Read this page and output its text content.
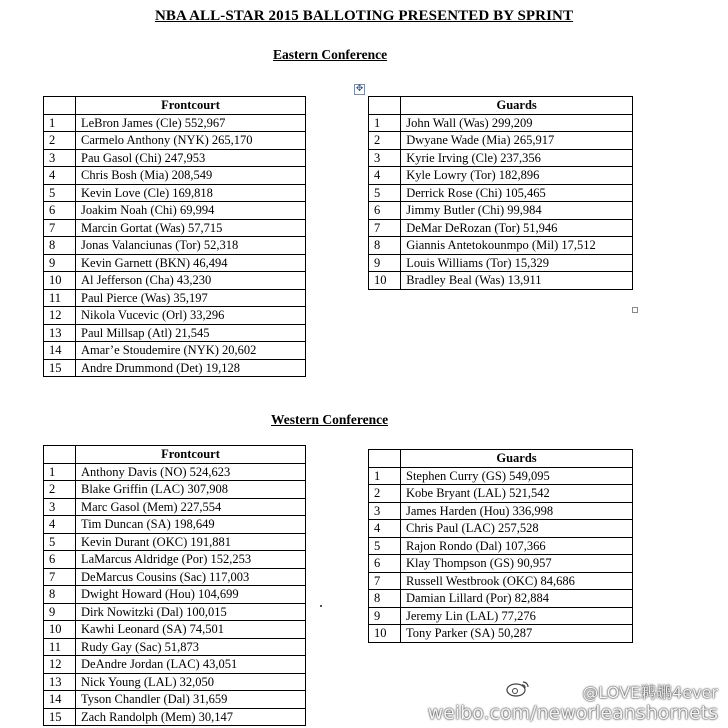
NBA ALL-STAR 2015 BALLOTING PRESENTED BY SPRINT
Eastern Conference
✥
	Frontcourt
1	LeBron James (Cle) 552,967
2	Carmelo Anthony (NYK) 265,170
3	Pau Gasol (Chi) 247,953
4	Chris Bosh (Mia) 208,549
5	Kevin Love (Cle) 169,818
6	Joakim Noah (Chi) 69,994
7	Marcin Gortat (Was) 57,715
8	Jonas Valanciunas (Tor) 52,318
9	Kevin Garnett (BKN) 46,494
10	Al Jefferson (Cha) 43,230
11	Paul Pierce (Was) 35,197
12	Nikola Vucevic (Orl) 33,296
13	Paul Millsap (Atl) 21,545
14	Amar’e Stoudemire (NYK) 20,602
15	Andre Drummond (Det) 19,128
	Guards
1	John Wall (Was) 299,209
2	Dwyane Wade (Mia) 265,917
3	Kyrie Irving (Cle) 237,356
4	Kyle Lowry (Tor) 182,896
5	Derrick Rose (Chi) 105,465
6	Jimmy Butler (Chi) 99,984
7	DeMar DeRozan (Tor) 51,946
8	Giannis Antetokounmpo (Mil) 17,512
9	Louis Williams (Tor) 15,329
10	Bradley Beal (Was) 13,911
Western Conference
	Frontcourt
1	Anthony Davis (NO) 524,623
2	Blake Griffin (LAC) 307,908
3	Marc Gasol (Mem) 227,554
4	Tim Duncan (SA) 198,649
5	Kevin Durant (OKC) 191,881
6	LaMarcus Aldridge (Por) 152,253
7	DeMarcus Cousins (Sac) 117,003
8	Dwight Howard (Hou) 104,699
9	Dirk Nowitzki (Dal) 100,015
10	Kawhi Leonard (SA) 74,501
11	Rudy Gay (Sac) 51,873
12	DeAndre Jordan (LAC) 43,051
13	Nick Young (LAL) 32,050
14	Tyson Chandler (Dal) 31,659
15	Zach Randolph (Mem) 30,147
	Guards
1	Stephen Curry (GS) 549,095
2	Kobe Bryant (LAL) 521,542
3	James Harden (Hou) 336,998
4	Chris Paul (LAC) 257,528
5	Rajon Rondo (Dal) 107,366
6	Klay Thompson (GS) 90,957
7	Russell Westbrook (OKC) 84,686
8	Damian Lillard (Por) 82,884
9	Jeremy Lin (LAL) 77,276
10	Tony Parker (SA) 50,287
@LOVE鹈鹕4ever
weibo.com/neworleanshornets
